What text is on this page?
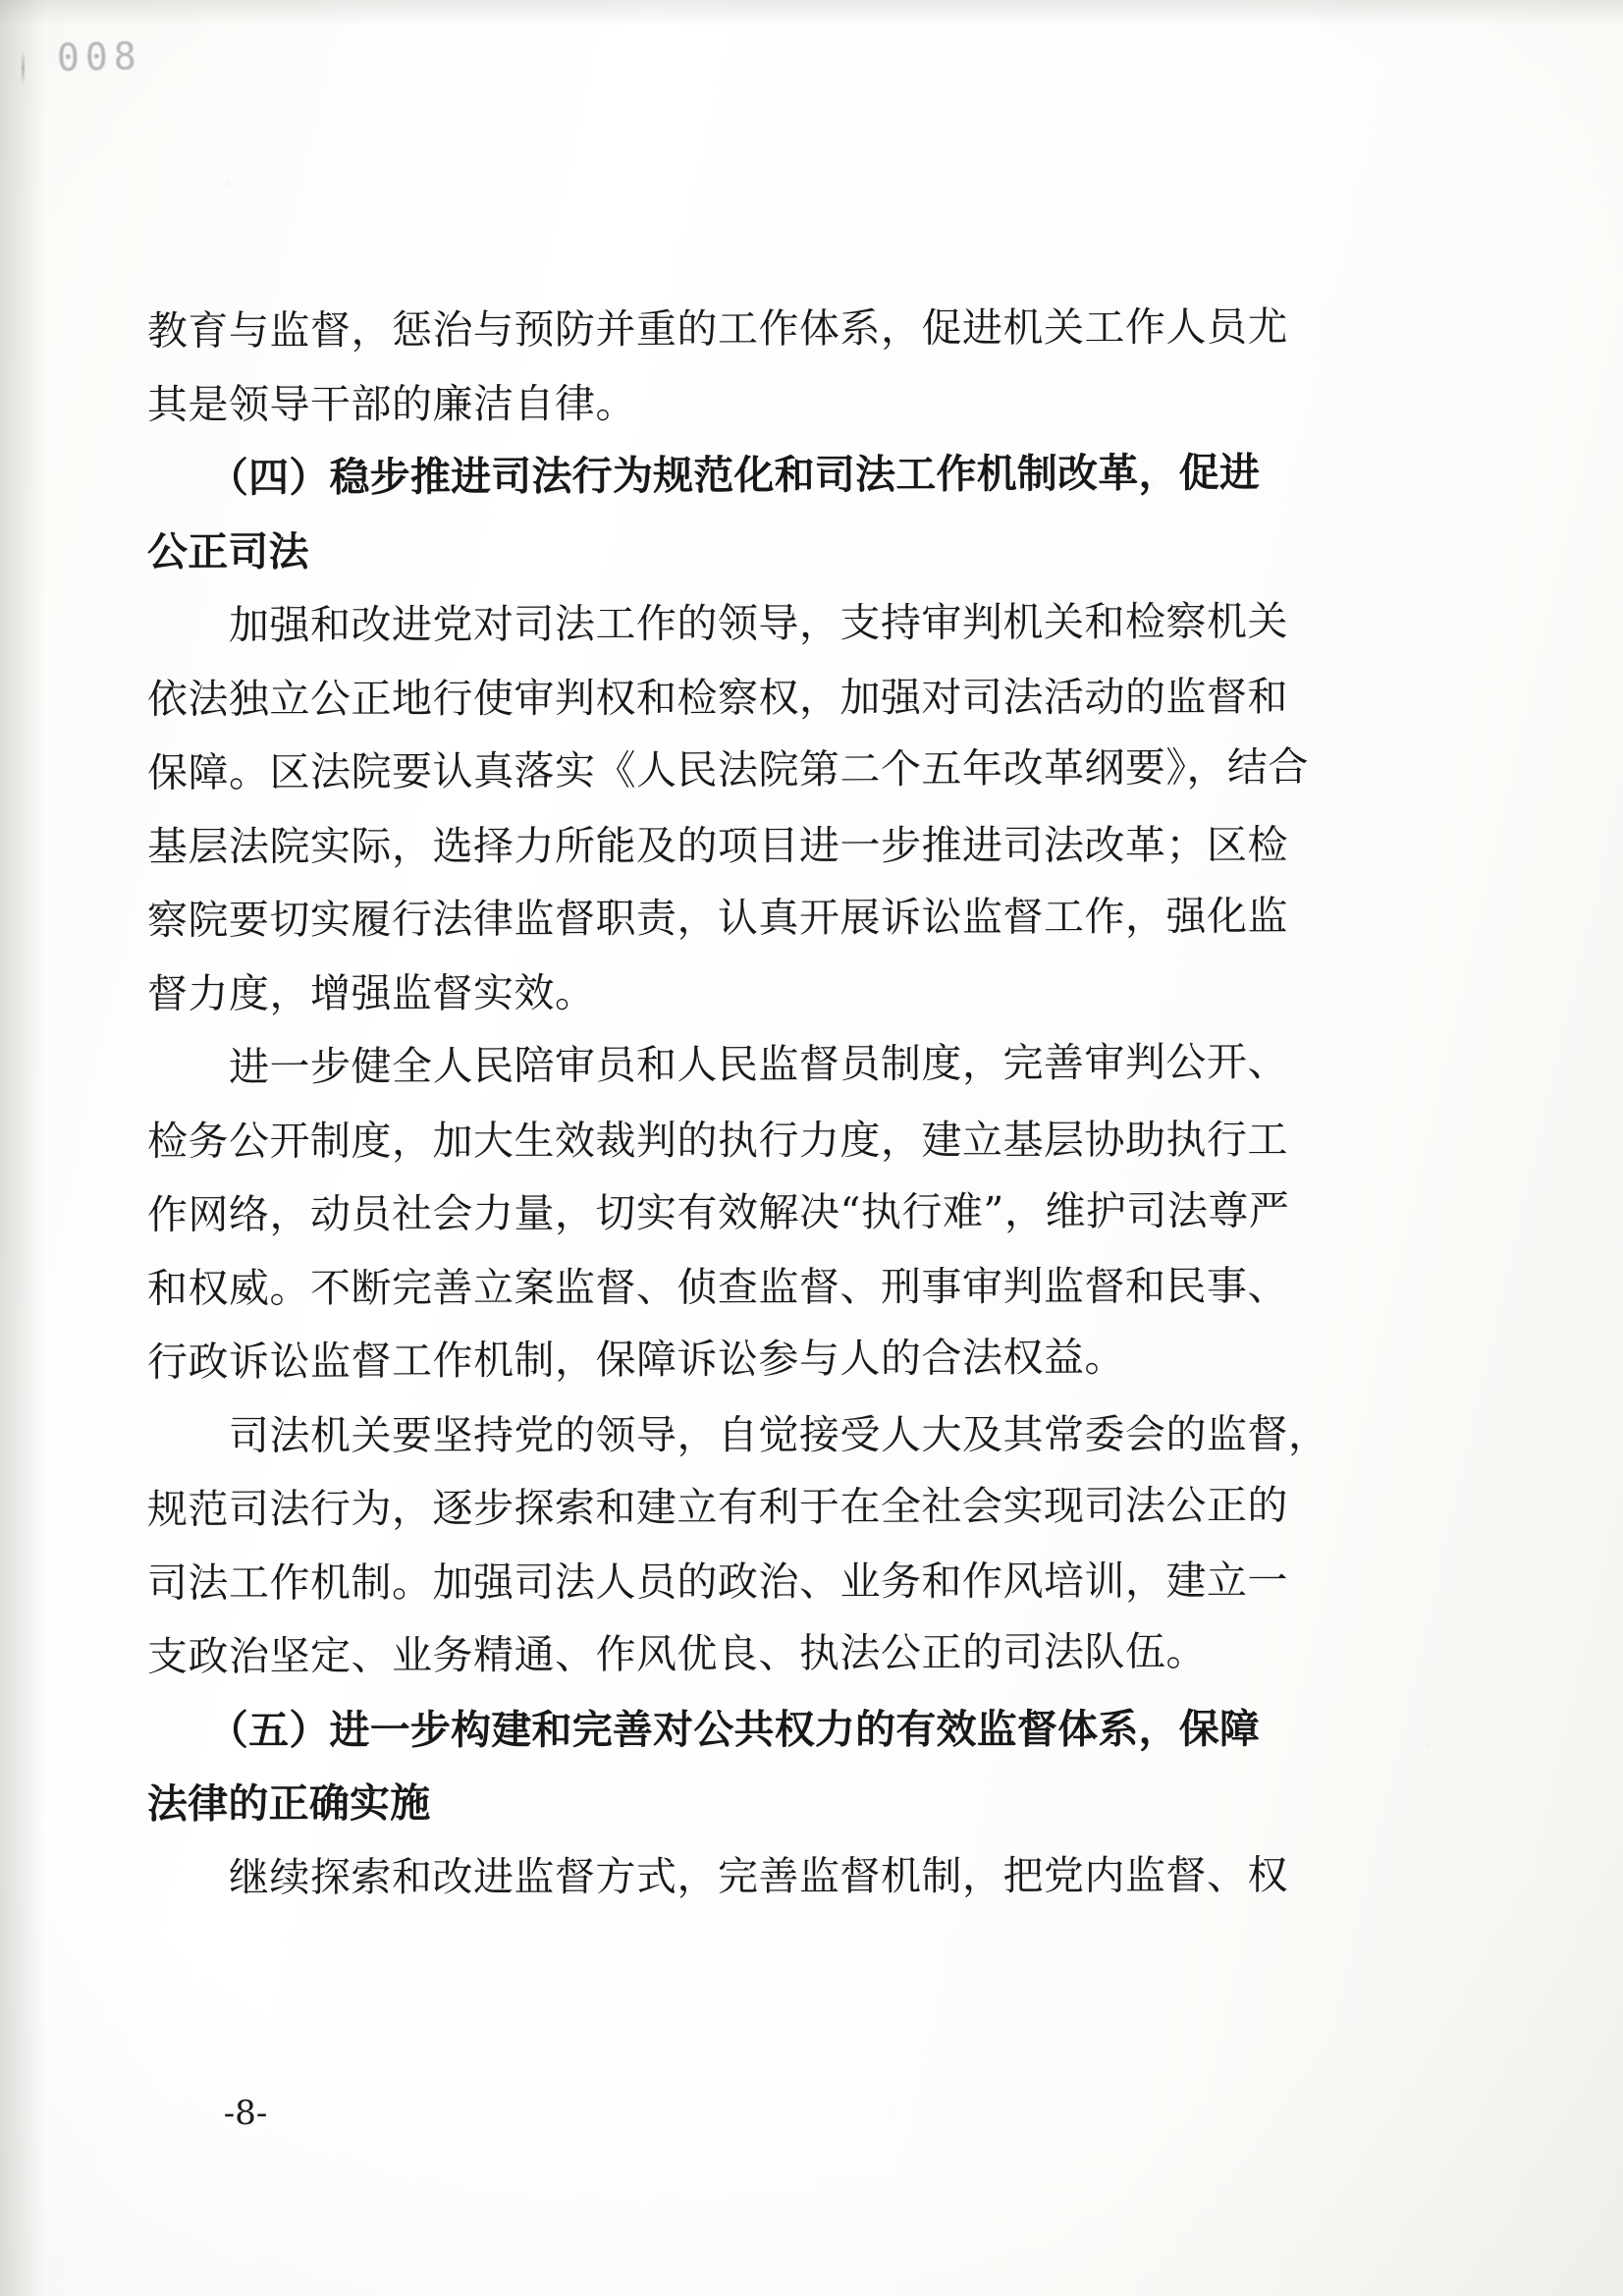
008
教育与监督，惩治与预防并重的工作体系，促进机关工作人员尤
其是领导干部的廉洁自律。
　　（四）稳步推进司法行为规范化和司法工作机制改革，促进
公正司法
　　加强和改进党对司法工作的领导，支持审判机关和检察机关
依法独立公正地行使审判权和检察权，加强对司法活动的监督和
保障。区法院要认真落实《人民法院第二个五年改革纲要》，结合
基层法院实际，选择力所能及的项目进一步推进司法改革；区检
察院要切实履行法律监督职责，认真开展诉讼监督工作，强化监
督力度，增强监督实效。
　　进一步健全人民陪审员和人民监督员制度，完善审判公开、
检务公开制度，加大生效裁判的执行力度，建立基层协助执行工
作网络，动员社会力量，切实有效解决“执行难”，维护司法尊严
和权威。不断完善立案监督、侦查监督、刑事审判监督和民事、
行政诉讼监督工作机制，保障诉讼参与人的合法权益。
　　司法机关要坚持党的领导，自觉接受人大及其常委会的监督，
规范司法行为，逐步探索和建立有利于在全社会实现司法公正的
司法工作机制。加强司法人员的政治、业务和作风培训，建立一
支政治坚定、业务精通、作风优良、执法公正的司法队伍。
　　（五）进一步构建和完善对公共权力的有效监督体系，保障
法律的正确实施
　　继续探索和改进监督方式，完善监督机制，把党内监督、权
-8-
